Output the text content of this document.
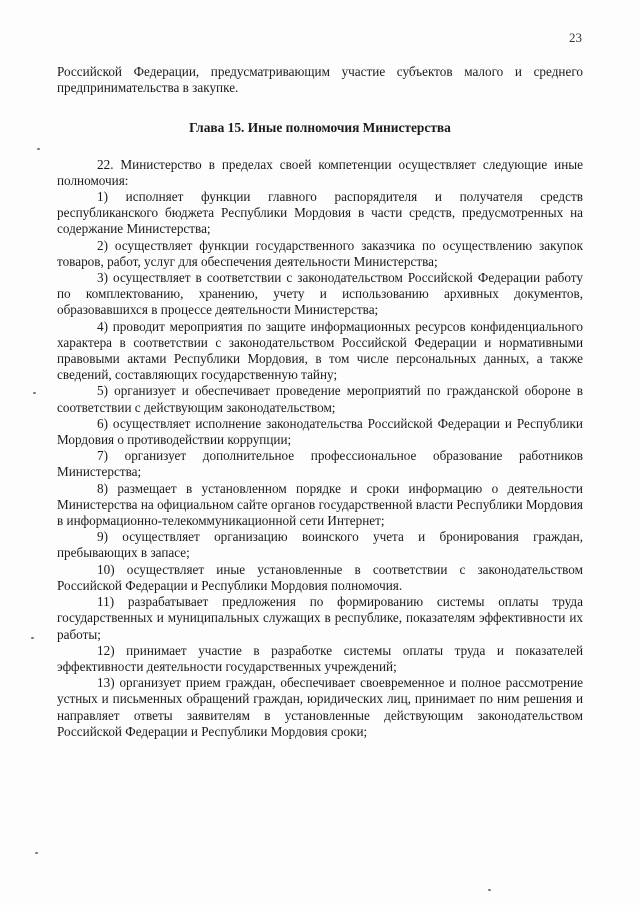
23

Российской Федерации, предусматривающим участие субъектов малого и среднего предпринимательства в закупке.

Глава 15. Иные полномочия Министерства

22. Министерство в пределах своей компетенции осуществляет следующие иные полномочия:

1) исполняет функции главного распорядителя и получателя средств республиканского бюджета Республики Мордовия в части средств, предусмотренных на содержание Министерства;

2) осуществляет функции государственного заказчика по осуществлению закупок товаров, работ, услуг для обеспечения деятельности Министерства;

3) осуществляет в соответствии с законодательством Российской Федерации работу по комплектованию, хранению, учету и использованию архивных документов, образовавшихся в процессе деятельности Министерства;

4) проводит мероприятия по защите информационных ресурсов конфиденциального характера в соответствии с законодательством Российской Федерации и нормативными правовыми актами Республики Мордовия, в том числе персональных данных, а также сведений, составляющих государственную тайну;

5) организует и обеспечивает проведение мероприятий по гражданской обороне в соответствии с действующим законодательством;

6) осуществляет исполнение законодательства Российской Федерации и Республики Мордовия о противодействии коррупции;

7) организует дополнительное профессиональное образование работников Министерства;

8) размещает в установленном порядке и сроки информацию о деятельности Министерства на официальном сайте органов государственной власти Республики Мордовия в информационно-телекоммуникационной сети Интернет;

9) осуществляет организацию воинского учета и бронирования граждан, пребывающих в запасе;

10) осуществляет иные установленные в соответствии с законодательством Российской Федерации и Республики Мордовия полномочия.

11) разрабатывает предложения по формированию системы оплаты труда государственных и муниципальных служащих в республике, показателям эффективности их работы;

12) принимает участие в разработке системы оплаты труда и показателей эффективности деятельности государственных учреждений;

13) организует прием граждан, обеспечивает своевременное и полное рассмотрение устных и письменных обращений граждан, юридических лиц, принимает по ним решения и направляет ответы заявителям в установленные действующим законодательством Российской Федерации и Республики Мордовия сроки;
